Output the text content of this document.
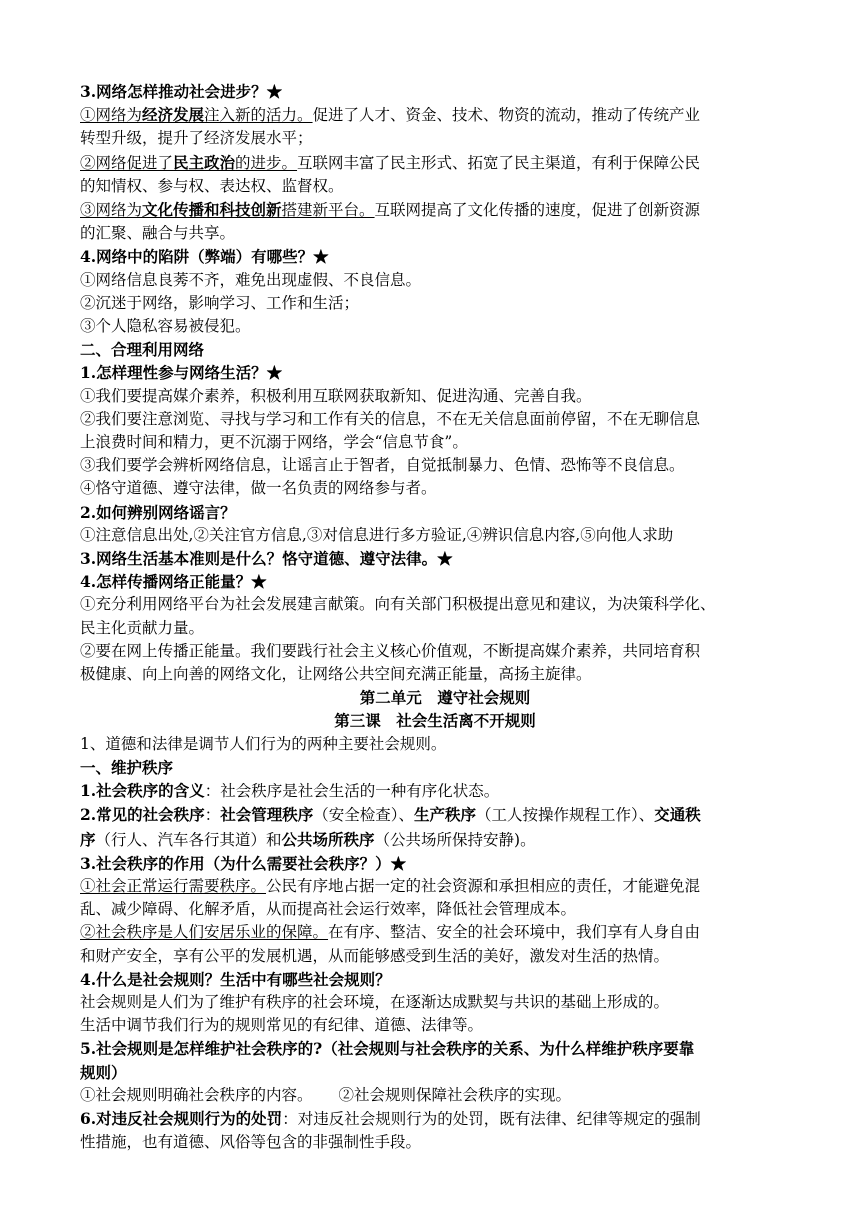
3.网络怎样推动社会进步？★
①网络为经济发展注入新的活力。促进了人才、资金、技术、物资的流动，推动了传统产业
转型升级，提升了经济发展水平；
②网络促进了民主政治的进步。互联网丰富了民主形式、拓宽了民主渠道，有利于保障公民
的知情权、参与权、表达权、监督权。
③网络为文化传播和科技创新搭建新平台。互联网提高了文化传播的速度，促进了创新资源
的汇聚、融合与共享。
4.网络中的陷阱（弊端）有哪些？★
①网络信息良莠不齐，难免出现虚假、不良信息。
②沉迷于网络，影响学习、工作和生活；
③个人隐私容易被侵犯。
二、合理利用网络
1.怎样理性参与网络生活？★
①我们要提高媒介素养，积极利用互联网获取新知、促进沟通、完善自我。
②我们要注意浏览、寻找与学习和工作有关的信息，不在无关信息面前停留，不在无聊信息
上浪费时间和精力，更不沉溺于网络，学会“信息节食”。
③我们要学会辨析网络信息，让谣言止于智者，自觉抵制暴力、色情、恐怖等不良信息。
④恪守道德、遵守法律，做一名负责的网络参与者。
2.如何辨别网络谣言？
①注意信息出处,②关注官方信息,③对信息进行多方验证,④辨识信息内容,⑤向他人求助
3.网络生活基本准则是什么？恪守道德、遵守法律。★
4.怎样传播网络正能量？★
①充分利用网络平台为社会发展建言献策。向有关部门积极提出意见和建议，为决策科学化、
民主化贡献力量。
②要在网上传播正能量。我们要践行社会主义核心价值观，不断提高媒介素养，共同培育积
极健康、向上向善的网络文化，让网络公共空间充满正能量，高扬主旋律。
第二单元　遵守社会规则
第三课　社会生活离不开规则
1、道德和法律是调节人们行为的两种主要社会规则。
一、维护秩序
1.社会秩序的含义：社会秩序是社会生活的一种有序化状态。
2.常见的社会秩序：社会管理秩序（安全检查）、生产秩序（工人按操作规程工作）、交通秩
序（行人、汽车各行其道）和公共场所秩序（公共场所保持安静)。
3.社会秩序的作用（为什么需要社会秩序？）★
①社会正常运行需要秩序。公民有序地占据一定的社会资源和承担相应的责任，才能避免混
乱、减少障碍、化解矛盾，从而提高社会运行效率，降低社会管理成本。
②社会秩序是人们安居乐业的保障。在有序、整洁、安全的社会环境中，我们享有人身自由
和财产安全，享有公平的发展机遇，从而能够感受到生活的美好，激发对生活的热情。
4.什么是社会规则？生活中有哪些社会规则？
社会规则是人们为了维护有秩序的社会环境，在逐渐达成默契与共识的基础上形成的。
生活中调节我们行为的规则常见的有纪律、道德、法律等。
5.社会规则是怎样维护社会秩序的?（社会规则与社会秩序的关系、为什么样维护秩序要靠
规则）
①社会规则明确社会秩序的内容。 ②社会规则保障社会秩序的实现。
6.对违反社会规则行为的处罚：对违反社会规则行为的处罚，既有法律、纪律等规定的强制
性措施，也有道德、风俗等包含的非强制性手段。
